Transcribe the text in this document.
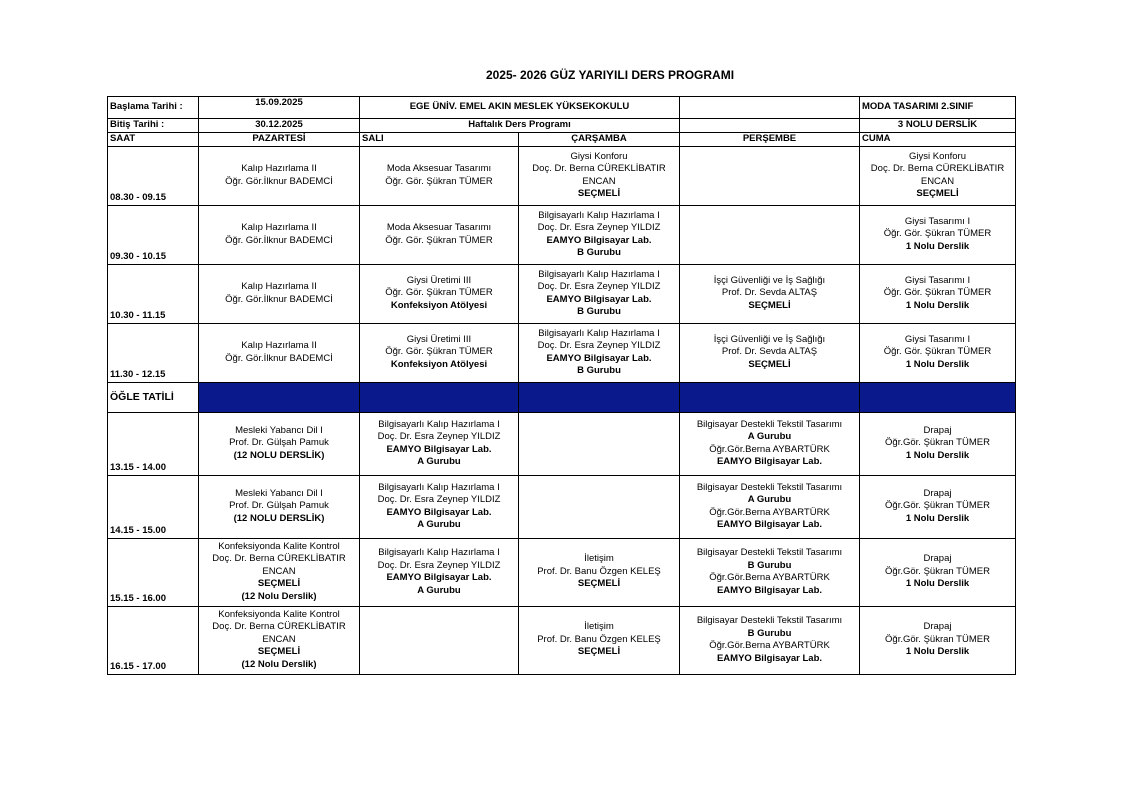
2025- 2026 GÜZ YARIYILI DERS PROGRAMI
Başlama Tarihi :	15.09.2025	EGE ÜNİV. EMEL AKIN MESLEK YÜKSEKOKULU			MODA TASARIMI 2.SINIF
Bitiş Tarihi :	30.12.2025	Haftalık Ders Programı			3 NOLU DERSLİK
SAAT	PAZARTESİ	SALI	ÇARŞAMBA	PERŞEMBE	CUMA
08.30 - 09.15	Kalıp Hazırlama II
Öğr. Gör.İlknur BADEMCİ	Moda Aksesuar Tasarımı
Öğr. Gör. Şükran TÜMER	Giysi Konforu
Doç. Dr. Berna CÜREKLİBATIR
ENCAN
SEÇMELİ		Giysi Konforu
Doç. Dr. Berna CÜREKLİBATIR
ENCAN
SEÇMELİ

09.30 - 10.15	Kalıp Hazırlama II
Öğr. Gör.İlknur BADEMCİ	Moda Aksesuar Tasarımı
Öğr. Gör. Şükran TÜMER	Bilgisayarlı Kalıp Hazırlama I
Doç. Dr. Esra Zeynep YILDIZ
EAMYO Bilgisayar Lab.
B Gurubu		Giysi Tasarımı I
Öğr. Gör. Şükran TÜMER
1 Nolu Derslik

10.30 - 11.15	Kalıp Hazırlama II
Öğr. Gör.İlknur BADEMCİ	Giysi Üretimi III
Öğr. Gör. Şükran TÜMER
Konfeksiyon Atölyesi	Bilgisayarlı Kalıp Hazırlama I
Doç. Dr. Esra Zeynep YILDIZ
EAMYO Bilgisayar Lab.
B Gurubu	İşçi Güvenliği ve İş Sağlığı
Prof. Dr. Sevda ALTAŞ
SEÇMELİ	Giysi Tasarımı I
Öğr. Gör. Şükran TÜMER
1 Nolu Derslik

11.30 - 12.15	Kalıp Hazırlama II
Öğr. Gör.İlknur BADEMCİ	Giysi Üretimi III
Öğr. Gör. Şükran TÜMER
Konfeksiyon Atölyesi	Bilgisayarlı Kalıp Hazırlama I
Doç. Dr. Esra Zeynep YILDIZ
EAMYO Bilgisayar Lab.
B Gurubu	İşçi Güvenliği ve İş Sağlığı
Prof. Dr. Sevda ALTAŞ
SEÇMELİ	Giysi Tasarımı I
Öğr. Gör. Şükran TÜMER
1 Nolu Derslik

ÖĞLE TATİLİ					
13.15 - 14.00	Mesleki Yabancı Dil I
Prof. Dr. Gülşah Pamuk
(12 NOLU DERSLİK)	Bilgisayarlı Kalıp Hazırlama I
Doç. Dr. Esra Zeynep YILDIZ
EAMYO Bilgisayar Lab.
A Gurubu		Bilgisayar Destekli Tekstil Tasarımı
A Gurubu
Öğr.Gör.Berna AYBARTÜRK
EAMYO Bilgisayar Lab.	Drapaj
Öğr.Gör. Şükran TÜMER
1 Nolu Derslik

14.15 - 15.00	Mesleki Yabancı Dil I
Prof. Dr. Gülşah Pamuk
(12 NOLU DERSLİK)	Bilgisayarlı Kalıp Hazırlama I
Doç. Dr. Esra Zeynep YILDIZ
EAMYO Bilgisayar Lab.
A Gurubu		Bilgisayar Destekli Tekstil Tasarımı
A Gurubu
Öğr.Gör.Berna AYBARTÜRK
EAMYO Bilgisayar Lab.	Drapaj
Öğr.Gör. Şükran TÜMER
1 Nolu Derslik

15.15 - 16.00	Konfeksiyonda Kalite Kontrol
Doç. Dr. Berna CÜREKLİBATIR
ENCAN
SEÇMELİ
(12 Nolu Derslik)	Bilgisayarlı Kalıp Hazırlama I
Doç. Dr. Esra Zeynep YILDIZ
EAMYO Bilgisayar Lab.
A Gurubu	İletişim
Prof. Dr. Banu Özgen KELEŞ
SEÇMELİ	Bilgisayar Destekli Tekstil Tasarımı
B Gurubu
Öğr.Gör.Berna AYBARTÜRK
EAMYO Bilgisayar Lab.	Drapaj
Öğr.Gör. Şükran TÜMER
1 Nolu Derslik

16.15 - 17.00	Konfeksiyonda Kalite Kontrol
Doç. Dr. Berna CÜREKLİBATIR
ENCAN
SEÇMELİ
(12 Nolu Derslik)		İletişim
Prof. Dr. Banu Özgen KELEŞ
SEÇMELİ	Bilgisayar Destekli Tekstil Tasarımı
B Gurubu
Öğr.Gör.Berna AYBARTÜRK
EAMYO Bilgisayar Lab.	Drapaj
Öğr.Gör. Şükran TÜMER
1 Nolu Derslik
